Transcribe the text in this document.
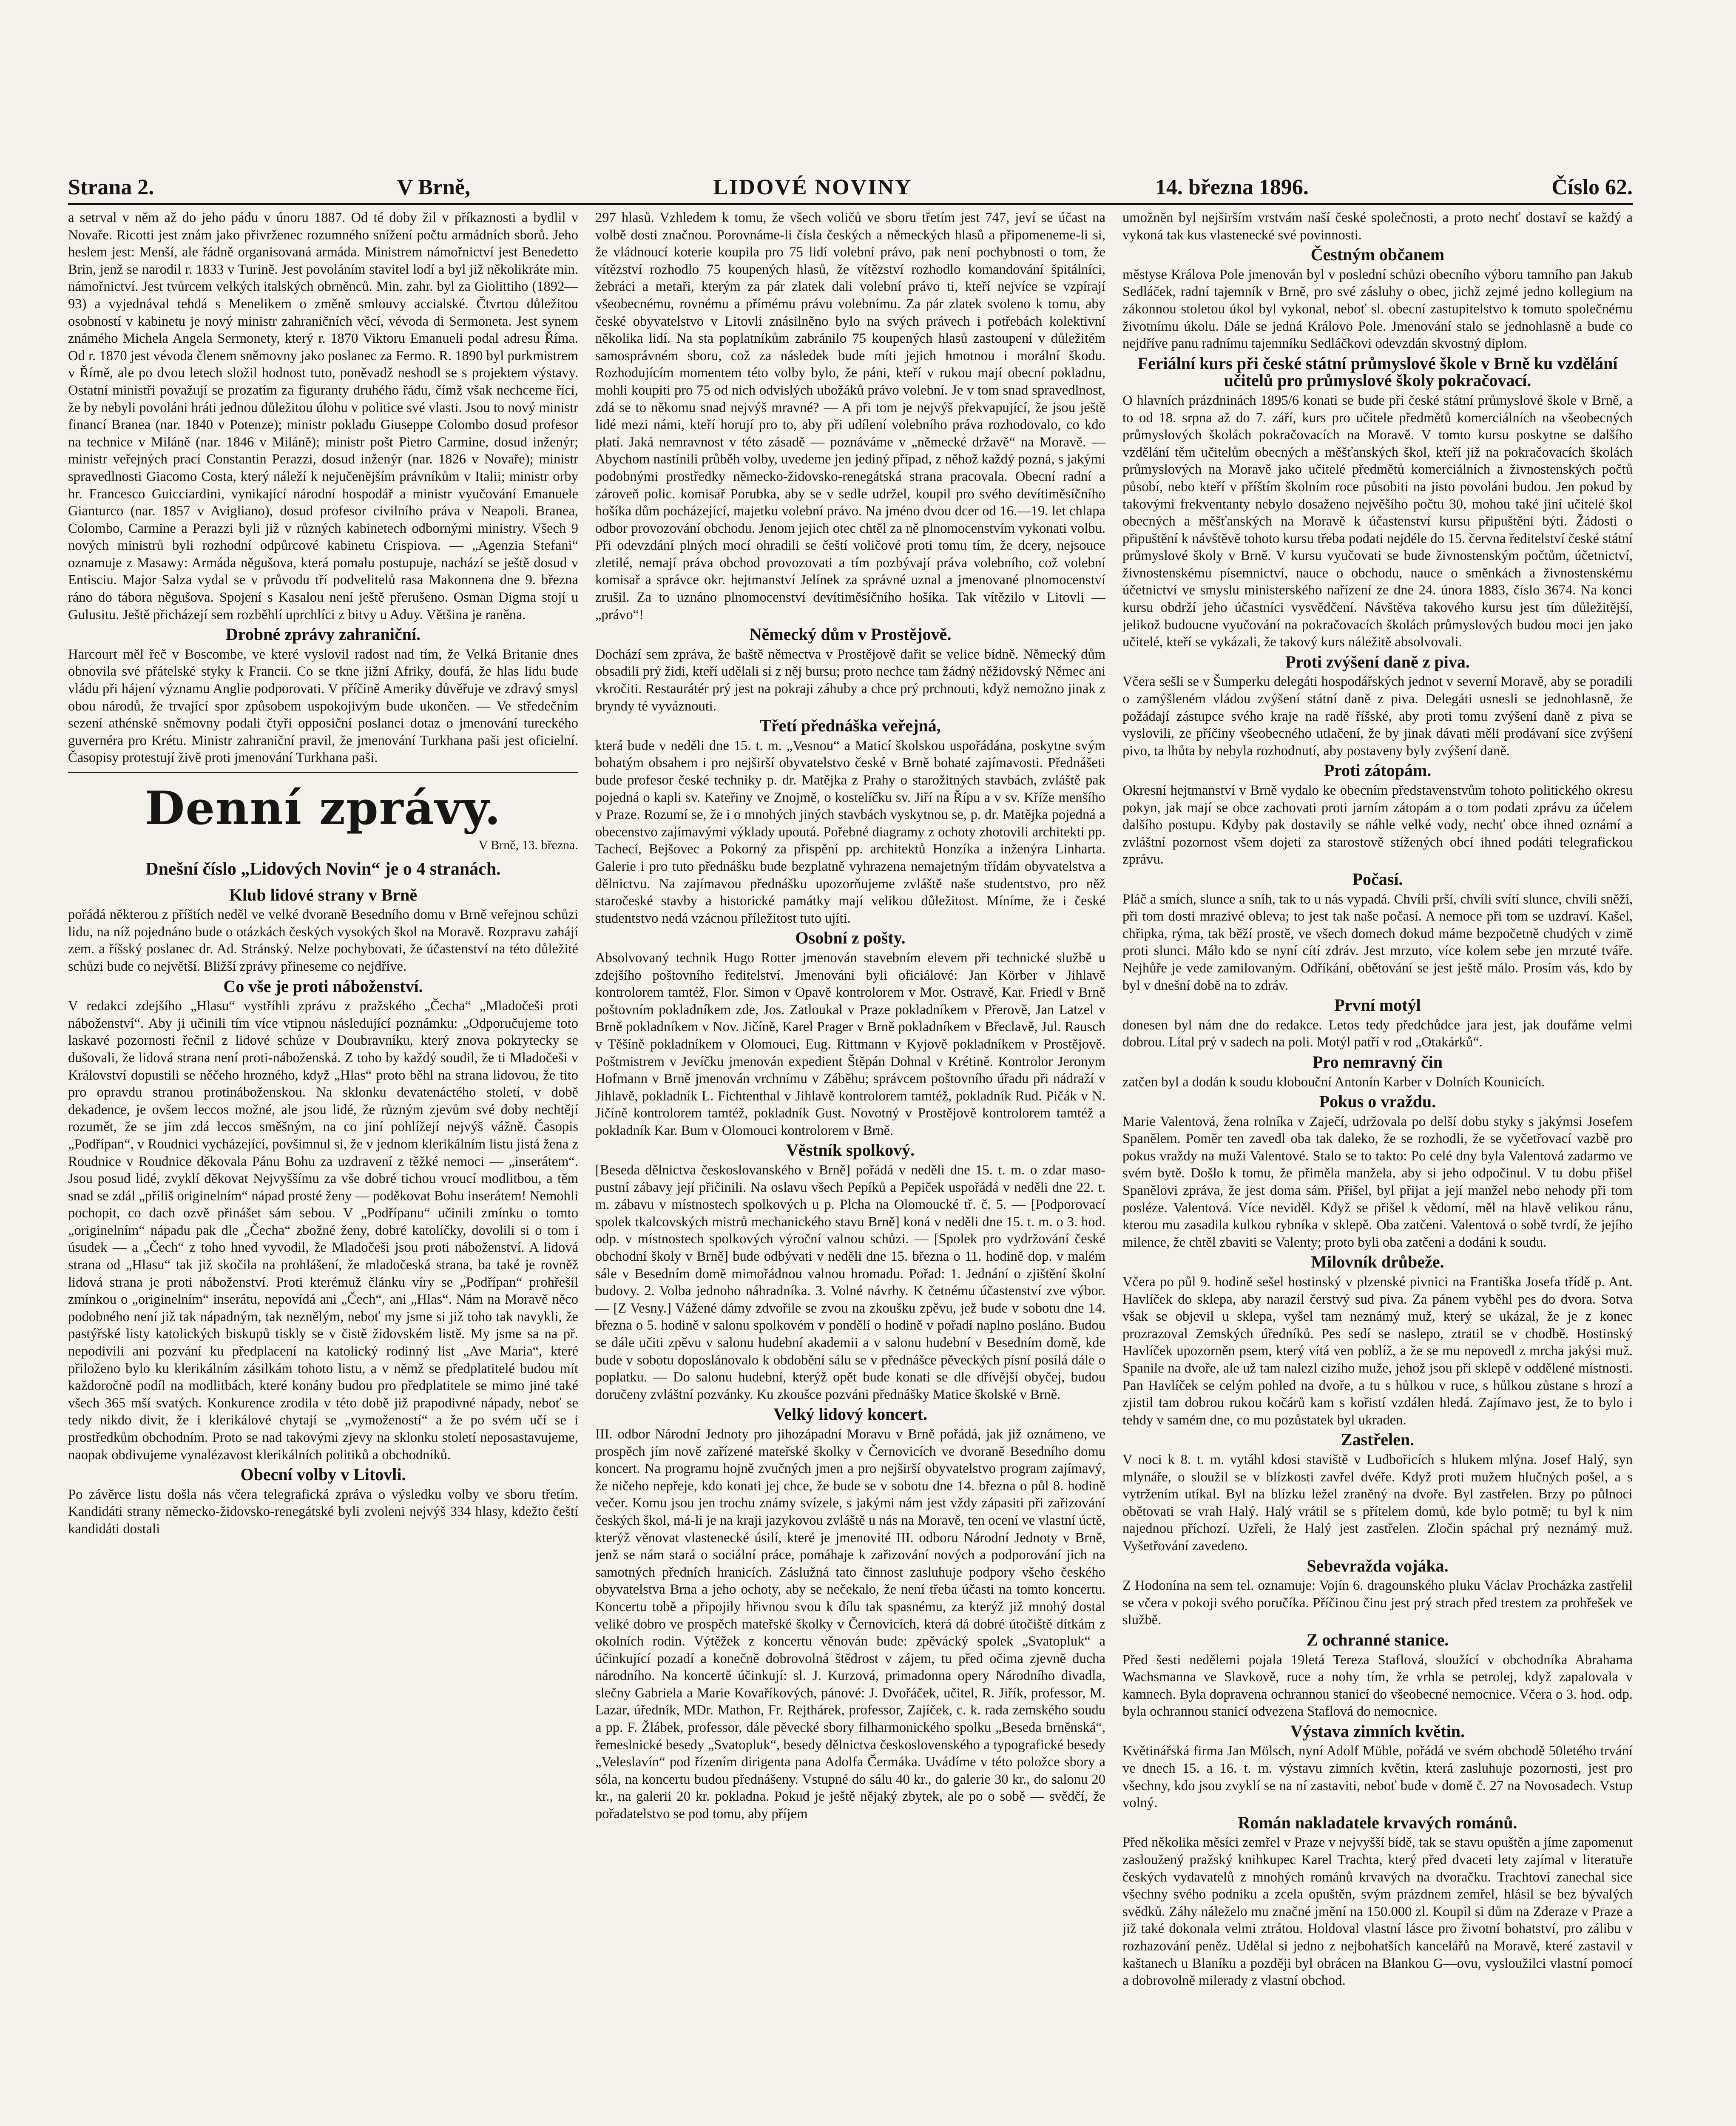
Strana 2.	V Brně,	LIDOVÉ NOVINY	14. března 1896.	Číslo 62.

a setrval v něm až do jeho pádu v únoru 1887. Od té doby žil v příkaznosti a bydlil v Novaře. Ricotti jest znám jako přivrženec rozumného snížení počtu armádních sborů. Jeho heslem jest: Menší, ale řádně organisovaná armáda. Ministrem námořnictví jest Benedetto Brin, jenž se narodil r. 1833 v Turině. Jest povoláním stavitel lodí a byl již několikráte min. námořnictví. Jest tvůrcem velkých italských obrněnců. Min. zahr. byl za Giolittiho (1892—93) a vyjednával tehdá s Menelikem o změně smlouvy accialské. Čtvrtou důležitou osobností v kabinetu je nový ministr zahraničních věcí, vévoda di Sermoneta. Jest synem známého Michela Angela Sermonety, který r. 1870 Viktoru Emanueli podal adresu Říma. Od r. 1870 jest vévoda členem sněmovny jako poslanec za Fermo. R. 1890 byl purkmistrem v Římě, ale po dvou letech složil hodnost tuto, poněvadž neshodl se s projektem výstavy. Ostatní ministři považují se prozatím za figuranty druhého řádu, čímž však nechceme říci, že by nebyli povoláni hráti jednou důležitou úlohu v politice své vlasti. Jsou to nový ministr financí Branea (nar. 1840 v Potenze); ministr pokladu Giuseppe Colombo dosud profesor na technice v Miláně (nar. 1846 v Miláně); ministr pošt Pietro Carmine, dosud inženýr; ministr veřejných prací Constantin Perazzi, dosud inženýr (nar. 1826 v Novaře); ministr spravedlnosti Giacomo Costa, který náleží k nejučenějším právníkům v Italii; ministr orby hr. Francesco Guicciardini, vynikající národní hospodář a ministr vyučování Emanuele Gianturco (nar. 1857 v Avigliano), dosud profesor civilního práva v Neapoli. Branea, Colombo, Carmine a Perazzi byli již v různých kabinetech odbornými ministry. Všech 9 nových ministrů byli rozhodní odpůrcové kabinetu Crispiova. — „Agenzia Stefani“ oznamuje z Masawy: Armáda něgušova, která pomalu postupuje, nachází se ještě dosud v Entisciu. Major Salza vydal se v průvodu tří podvelitelů rasa Makonnena dne 9. března ráno do tábora něgušova. Spojení s Kasalou není ještě přerušeno. Osman Digma stojí u Gulusitu. Ještě přicházejí sem rozběhlí uprchlíci z bitvy u Aduy. Většina je raněna.

Drobné zprávy zahraniční.

Harcourt měl řeč v Boscombe, ve které vyslovil radost nad tím, že Velká Britanie dnes obnovila své přátelské styky k Francii. Co se tkne jižní Afriky, doufá, že hlas lidu bude vládu při hájení významu Anglie podporovati. V příčině Ameriky důvěřuje ve zdravý smysl obou národů, že trvající spor způsobem uspokojivým bude ukončen. — Ve středečním sezení athénské sněmovny podali čtyři opposiční poslanci dotaz o jmenování tureckého guvernéra pro Krétu. Ministr zahraniční pravil, že jmenování Turkhana paši jest oficielní. Časopisy protestují živě proti jmenování Turkhana paši.

Denní zprávy.
V Brně, 13. března.
Dnešní číslo „Lidových Novin“ je o 4 stranách.
Klub lidové strany v Brně

pořádá některou z příštích neděl ve velké dvoraně Besedního domu v Brně veřejnou schůzi lidu, na níž pojednáno bude o otázkách českých vysokých škol na Moravě. Rozpravu zahájí zem. a říšský poslanec dr. Ad. Stránský. Nelze pochybovati, že účastenství na této důležité schůzi bude co největší. Bližší zprávy přineseme co nejdříve.

Co vše je proti náboženství.

V redakci zdejšího „Hlasu“ vystříhli zprávu z pražského „Čecha“ „Mladočeši proti náboženství“. Aby ji učinili tím více vtipnou následující poznámku: „Odporučujeme toto laskavé pozornosti řečnil z lidové schůze v Doubravníku, který znova pokrytecky se dušovali, že lidová strana není proti-náboženská. Z toho by každý soudil, že ti Mladočeši v Království dopustili se něčeho hrozného, když „Hlas“ proto běhl na strana lidovou, že tito pro opravdu stranou protináboženskou. Na sklonku devatenáctého století, v době dekadence, je ovšem leccos možné, ale jsou lidé, že různým zjevům své doby nechtějí rozumět, že se jim zdá leccos směšným, na co jiní pohlížejí nejvýš vážně. Časopis „Podřípan“, v Roudnici vycházející, povšimnul si, že v jednom klerikálním listu jistá žena z Roudnice v Roudnice děkovala Pánu Bohu za uzdravení z těžké nemoci — „inserátem“. Jsou posud lidé, zvyklí děkovat Nejvyššímu za vše dobré tichou vroucí modlitbou, a těm snad se zdál „příliš originelním“ nápad prosté ženy — poděkovat Bohu inserátem! Nemohli pochopit, co dach ozvě přinášet sám sebou. V „Podřípanu“ učinili zmínku o tomto „originelním“ nápadu pak dle „Čecha“ zbožné ženy, dobré katolíčky, dovolili si o tom i úsudek — a „Čech“ z toho hned vyvodil, že Mladočeši jsou proti náboženství. A lidová strana od „Hlasu“ tak již skočila na prohlášení, že mladočeská strana, ba také je rovněž lidová strana je proti náboženství. Proti kterémuž článku víry se „Podřípan“ prohřešil zmínkou o „originelním“ inserátu, nepovídá ani „Čech“, ani „Hlas“. Nám na Moravě něco podobného není již tak nápadným, tak neznělým, neboť my jsme si již toho tak navykli, že pastýřské listy katolických biskupů tiskly se v čistě židovském listě. My jsme sa na př. nepodivili ani pozvání ku předplacení na katolický rodinný list „Ave Maria“, které přiloženo bylo ku klerikálním zásilkám tohoto listu, a v němž se předplatitelé budou mít každoročně podíl na modlitbách, které konány budou pro předplatitele se mimo jiné také všech 365 mší svatých. Konkurence zrodila v této době již prapodivné nápady, neboť se tedy nikdo divit, že i klerikálové chytají se „vymožeností“ a že po svém učí se i prostředkům obchodním. Proto se nad takovými zjevy na sklonku století neposastavujeme, naopak obdivujeme vynalézavost klerikálních politiků a obchodníků.

Obecní volby v Litovli.

Po závěrce listu došla nás včera telegrafická zpráva o výsledku volby ve sboru třetím. Kandidáti strany německo-židovsko-renegátské byli zvoleni nejvýš 334 hlasy, kdežto čeští kandidáti dostali

297 hlasů. Vzhledem k tomu, že všech voličů ve sboru třetím jest 747, jeví se účast na volbě dosti značnou. Porovnáme-li čísla českých a německých hlasů a připomeneme-li si, že vládnoucí koterie koupila pro 75 lidí volební právo, pak není pochybnosti o tom, že vítězství rozhodlo 75 koupených hlasů, že vítězství rozhodlo komandování špitálníci, žebráci a metaři, kterým za pár zlatek dali volební právo ti, kteří nejvíce se vzpírají všeobecnému, rovnému a přímému právu volebnímu. Za pár zlatek svoleno k tomu, aby české obyvatelstvo v Litovli znásilněno bylo na svých právech i potřebách kolektivní několika lidí. Na sta poplatníkům zabránilo 75 koupených hlasů zastoupení v důležitém samosprávném sboru, což za následek bude míti jejich hmotnou i morální škodu. Rozhodujícím momentem této volby bylo, že páni, kteří v rukou mají obecní pokladnu, mohli koupiti pro 75 od nich odvislých ubožáků právo volební. Je v tom snad spravedlnost, zdá se to někomu snad nejvýš mravné? — A při tom je nejvýš překvapující, že jsou ještě lidé mezi námi, kteří horují pro to, aby při udílení volebního práva rozhodovalo, co kdo platí. Jaká nemravnost v této zásadě — poznáváme v „německé državě“ na Moravě. — Abychom nastínili průběh volby, uvedeme jen jediný případ, z něhož každý pozná, s jakými podobnými prostředky německo-židovsko-renegátská strana pracovala. Obecní radní a zároveň polic. komisař Porubka, aby se v sedle udržel, koupil pro svého devítiměsíčního hošíka dům pocházející, majetku volební právo. Na jméno dvou dcer od 16.—19. let chlapa odbor provozování obchodu. Jenom jejich otec chtěl za ně plnomocenstvím vykonati volbu. Při odevzdání plných mocí ohradili se čeští voličové proti tomu tím, že dcery, nejsouce zletilé, nemají práva obchod provozovati a tím pozbývají práva volebního, což volební komisař a správce okr. hejtmanství Jelínek za správné uznal a jmenované plnomocenství zrušil. Za to uznáno plnomocenství devítiměsíčního hošíka. Tak vítězilo v Litovli — „právo“!

Německý dům v Prostějově.

Dochází sem zpráva, že baště němectva v Prostějově dařit se velice bídně. Německý dům obsadili prý židi, kteří udělali si z něj bursu; proto nechce tam žádný něžidovský Němec ani vkročiti. Restaurátér prý jest na pokraji záhuby a chce prý prchnouti, když nemožno jinak z bryndy té vyváznouti.

Třetí přednáška veřejná,

která bude v neděli dne 15. t. m. „Vesnou“ a Maticí školskou uspořádána, poskytne svým bohatým obsahem i pro nejširší obyvatelstvo české v Brně bohaté zajímavosti. Přednášeti bude profesor české techniky p. dr. Matějka z Prahy o starožitných stavbách, zvláště pak pojedná o kapli sv. Kateřiny ve Znojmě, o kostelíčku sv. Jiří na Řípu a v sv. Kříže menšího v Praze. Rozumí se, že i o mnohých jiných stavbách vyskytnou se, p. dr. Matějka pojedná a obecenstvo zajímavými výklady upoutá. Pořebné diagramy z ochoty zhotovili architekti pp. Tachecí, Bejšovec a Pokorný za přispění pp. architektů Honzíka a inženýra Linharta. Galerie i pro tuto přednášku bude bezplatně vyhrazena nemajetným třídám obyvatelstva a dělnictvu. Na zajímavou přednášku upozorňujeme zvláště naše studentstvo, pro něž staročeské stavby a historické památky mají velikou důležitost. Míníme, že i české studentstvo nedá vzácnou příležitost tuto ujíti.

Osobní z pošty.

Absolvovaný technik Hugo Rotter jmenován stavebním elevem při technické službě u zdejšího poštovního ředitelství. Jmenováni byli oficiálové: Jan Körber v Jihlavě kontrolorem tamtéž, Flor. Simon v Opavě kontrolorem v Mor. Ostravě, Kar. Friedl v Brně poštovním pokladníkem zde, Jos. Zatloukal v Praze pokladníkem v Přerově, Jan Latzel v Brně pokladníkem v Nov. Jičíně, Karel Prager v Brně pokladníkem v Břeclavě, Jul. Rausch v Těšíně pokladníkem v Olomouci, Eug. Rittmann v Kyjově pokladníkem v Prostějově. Poštmistrem v Jevíčku jmenován expedient Štěpán Dohnal v Krétině. Kontrolor Jeronym Hofmann v Brně jmenován vrchnímu v Záběhu; správcem poštovního úřadu při nádraží v Jihlavě, pokladník L. Fichtenthal v Jihlavě kontrolorem tamtéž, pokladník Rud. Pičák v N. Jičíně kontrolorem tamtéž, pokladník Gust. Novotný v Prostějově kontrolorem tamtéž a pokladník Kar. Bum v Olomouci kontrolorem v Brně.

Věstník spolkový.

[Beseda dělnictva českoslovanského v Brně] pořádá v neděli dne 15. t. m. o zdar masopustní zábavy její přičinili. Na oslavu všech Pepíků a Pepiček uspořádá v neděli dne 22. t. m. zábavu v místnostech spolkových u p. Plcha na Olomoucké tř. č. 5. — [Podporovací spolek tkalcovských mistrů mechanického stavu Brně] koná v neděli dne 15. t. m. o 3. hod. odp. v místnostech spolkových výroční valnou schůzi. — [Spolek pro vydržování české obchodní školy v Brně] bude odbývati v neděli dne 15. března o 11. hodině dop. v malém sále v Besedním domě mimořádnou valnou hromadu. Pořad: 1. Jednání o zjištění školní budovy. 2. Volba jednoho náhradníka. 3. Volné návrhy. K četnému účastenství zve výbor. — [Z Vesny.] Vážené dámy zdvořile se zvou na zkoušku zpěvu, jež bude v sobotu dne 14. března o 5. hodině v salonu spolkovém v pondělí o hodině v pořadí naplno posláno. Budou se dále učiti zpěvu v salonu hudební akademii a v salonu hudební v Besedním domě, kde bude v sobotu doposlánovalo k obdobění sálu se v přednášce pěveckých písní posílá dále o poplatku. — Do salonu hudební, kterýž opět bude konati se dle dřívější obyčej, budou doručeny zvláštní pozvánky. Ku zkoušce pozváni přednášky Matice školské v Brně.

Velký lidový koncert.

III. odbor Národní Jednoty pro jihozápadní Moravu v Brně pořádá, jak již oznámeno, ve prospěch jím nově zařízené mateřské školky v Černovicích ve dvoraně Besedního domu koncert. Na programu hojně zvučných jmen a pro nejširší obyvatelstvo program zajímavý, že ničeho nepřeje, kdo konati jej chce, že bude se v sobotu dne 14. března o půl 8. hodině večer. Komu jsou jen trochu známy svízele, s jakými nám jest vždy zápasiti při zařizování českých škol, má-li je na kraji jazykovou zvláště u nás na Moravě, ten ocení ve vlastní úctě, kterýž věnovat vlastenecké úsilí, které je jmenovité III. odboru Národní Jednoty v Brně, jenž se nám stará o sociální práce, pomáhaje k zařizování nových a podporování jich na samotných předních hranicích. Záslužná tato činnost zasluhuje podpory všeho českého obyvatelstva Brna a jeho ochoty, aby se nečekalo, že není třeba účasti na tomto koncertu. Koncertu tobě a připojily hřivnou svou k dílu tak spasnému, za kterýž již mnohý dostal veliké dobro ve prospěch mateřské školky v Černovicích, která dá dobré útočiště dítkám z okolních rodin. Výtěžek z koncertu věnován bude: zpěvácký spolek „Svatopluk“ a účinkující pozadí a konečně dobrovolná štědrost v zájem, tu před očima zjevně ducha národního. Na koncertě účinkují: sl. J. Kurzová, primadonna opery Národního divadla, slečny Gabriela a Marie Kovaříkových, pánové: J. Dvořáček, učitel, R. Jiřík, professor, M. Lazar, úředník, MDr. Mathon, Fr. Rejthárek, professor, Zajíček, c. k. rada zemského soudu a pp. F. Žlábek, professor, dále pěvecké sbory filharmonického spolku „Beseda brněnská“, řemeslnické besedy „Svatopluk“, besedy dělnictva československého a typografické besedy „Veleslavín“ pod řízením dirigenta pana Adolfa Čermáka. Uvádíme v této položce sbory a sóla, na koncertu budou přednášeny. Vstupné do sálu 40 kr., do galerie 30 kr., do salonu 20 kr., na galerii 20 kr. pokladna. Pokud je ještě nějaký zbytek, ale po o sobě — svědčí, že pořadatelstvo se pod tomu, aby příjem

umožněn byl nejširším vrstvám naší české společnosti, a proto nechť dostaví se každý a vykoná tak kus vlastenecké své povinnosti.

Čestným občanem

městyse Králova Pole jmenován byl v poslední schůzi obecního výboru tamního pan Jakub Sedláček, radní tajemník v Brně, pro své zásluhy o obec, jichž zejmé jedno kollegium na zákonnou stoletou úkol byl vykonal, neboť sl. obecní zastupitelstvo k tomuto společnému životnímu úkolu. Dále se jedná Královo Pole. Jmenování stalo se jednohlasně a bude co nejdříve panu radnímu tajemníku Sedláčkovi odevzdán skvostný diplom.

Feriální kurs při české státní průmyslové škole v Brně ku vzdělání učitelů pro průmyslové školy pokračovací.

O hlavních prázdninách 1895/6 konati se bude při české státní průmyslové škole v Brně, a to od 18. srpna až do 7. září, kurs pro učitele předmětů komerciálních na všeobecných průmyslových školách pokračovacích na Moravě. V tomto kursu poskytne se dalšího vzdělání těm učitelům obecných a měšťanských škol, kteří již na pokračovacích školách průmyslových na Moravě jako učitelé předmětů komerciálních a živnostenských počtů působí, nebo kteří v příštím školním roce působiti na jisto povoláni budou. Jen pokud by takovými frekventanty nebylo dosaženo nejvěšího počtu 30, mohou také jiní učitelé škol obecných a měšťanských na Moravě k účastenství kursu připuštěni býti. Žádosti o připuštění k návštěvě tohoto kursu třeba podati nejdéle do 15. června ředitelství české státní průmyslové školy v Brně. V kursu vyučovati se bude živnostenským počtům, účetnictví, živnostenskému písemnictví, nauce o obchodu, nauce o směnkách a živnostenskému účetnictví ve smyslu ministerského nařízení ze dne 24. února 1883, číslo 3674. Na konci kursu obdrží jeho účastníci vysvědčení. Návštěva takového kursu jest tím důležitější, jelikož budoucne vyučování na pokračovacích školách průmyslových budou moci jen jako učitelé, kteří se vykázali, že takový kurs náležitě absolvovali.

Proti zvýšení daně z piva.

Včera sešli se v Šumperku delegáti hospodářských jednot v severní Moravě, aby se poradili o zamýšleném vládou zvýšení státní daně z piva. Delegáti usnesli se jednohlasně, že požádají zástupce svého kraje na radě říšské, aby proti tomu zvýšení daně z piva se vyslovili, ze příčiny všeobecného utlačení, že by jinak dávati měli prodávaní sice zvýšení pivo, ta lhůta by nebyla rozhodnutí, aby postaveny byly zvýšení daně.

Proti zátopám.

Okresní hejtmanství v Brně vydalo ke obecním představenstvům tohoto politického okresu pokyn, jak mají se obce zachovati proti jarním zátopám a o tom podati zprávu za účelem dalšího postupu. Kdyby pak dostavily se náhle velké vody, nechť obce ihned oznámí a zvláštní pozornost všem dojeti za starostově stížených obcí ihned podáti telegrafickou zprávu.

Počasí.

Pláč a smích, slunce a sníh, tak to u nás vypadá. Chvíli prší, chvíli svítí slunce, chvíli sněží, při tom dosti mrazivé obleva; to jest tak naše počasí. A nemoce při tom se uzdraví. Kašel, chřipka, rýma, tak běží prostě, ve všech domech dokud máme bezpočetně chudých v zimě proti slunci. Málo kdo se nyní cítí zdráv. Jest mrzuto, více kolem sebe jen mrzuté tváře. Nejhůře je vede zamilovaným. Odříkání, obětování se jest ještě málo. Prosím vás, kdo by byl v dnešní době na to zdráv.

První motýl

donesen byl nám dne do redakce. Letos tedy předchůdce jara jest, jak doufáme velmi dobrou. Lítal prý v sadech na poli. Motýl patří v rod „Otakárků“.

Pro nemravný čin

zatčen byl a dodán k soudu klobouční Antonín Karber v Dolních Kounicích.

Pokus o vraždu.

Marie Valentová, žena rolníka v Zaječí, udržovala po delší dobu styky s jakýmsi Josefem Spanělem. Poměr ten zavedl oba tak daleko, že se rozhodli, že se vyčetřovací vazbě pro pokus vraždy na muži Valentové. Stalo se to takto: Po celé dny byla Valentová zadarmo ve svém bytě. Došlo k tomu, že přiměla manžela, aby si jeho odpočinul. V tu dobu přišel Spanělovi zpráva, že jest doma sám. Přišel, byl přijat a její manžel nebo nehody při tom posléze. Valentová. Více neviděl. Když se přišel k vědomí, měl na hlavě velikou ránu, kterou mu zasadila kulkou rybníka v sklepě. Oba zatčeni. Valentová o sobě tvrdí, že jejího milence, že chtěl zbaviti se Valenty; proto byli oba zatčeni a dodáni k soudu.

Milovník drůbeže.

Včera po půl 9. hodině sešel hostinský v plzenské pivnici na Františka Josefa třídě p. Ant. Havlíček do sklepa, aby narazil čerstvý sud piva. Za pánem vyběhl pes do dvora. Sotva však se objevil u sklepa, vyšel tam neznámý muž, který se ukázal, že je z konec prozrazoval Zemských úředníků. Pes sedí se naslepo, ztratil se v chodbě. Hostinský Havlíček upozorněn psem, který vítá ven poblíž, a že se mu nepovedl z mrcha jakýsi muž. Spanile na dvoře, ale už tam nalezl cizího muže, jehož jsou při sklepě v oddělené místnosti. Pan Havlíček se celým pohled na dvoře, a tu s hůlkou v ruce, s hůlkou zůstane s hrozí a zjistil tam dobrou rukou kočárů kam s kořistí vzdálen hledá. Zajímavo jest, že to bylo i tehdy v samém dne, co mu pozůstatek byl ukraden.

Zastřelen.

V noci k 8. t. m. vytáhl kdosi staviště v Ludbořicích s hlukem mlýna. Josef Halý, syn mlynáře, o sloužil se v blízkosti zavřel dvéře. Když proti mužem hlučných pošel, a s vytržením utíkal. Byl na blízku ležel zraněný na dvoře. Byl zastřelen. Brzy po půlnoci obětovati se vrah Halý. Halý vrátil se s přítelem domů, kde bylo potmě; tu byl k nim najednou příchozí. Uzřeli, že Halý jest zastřelen. Zločin spáchal prý neznámý muž. Vyšetřování zavedeno.

Sebevražda vojáka.

Z Hodonína na sem tel. oznamuje: Vojín 6. dragounského pluku Václav Procházka zastřelil se včera v pokoji svého poručíka. Příčinou činu jest prý strach před trestem za prohřešek ve službě.

Z ochranné stanice.

Před šesti nedělemi pojala 19letá Tereza Staflová, sloužící v obchodníka Abrahama Wachsmanna ve Slavkově, ruce a nohy tím, že vrhla se petrolej, když zapalovala v kamnech. Byla dopravena ochrannou stanicí do všeobecné nemocnice. Včera o 3. hod. odp. byla ochrannou stanicí odvezena Staflová do nemocnice.

Výstava zimních květin.

Květinářská firma Jan Mölsch, nyní Adolf Müble, pořádá ve svém obchodě 50letého trvání ve dnech 15. a 16. t. m. výstavu zimních květin, která zasluhuje pozornosti, jest pro všechny, kdo jsou zvyklí se na ní zastaviti, neboť bude v domě č. 27 na Novosadech. Vstup volný.

Román nakladatele krvavých románů.

Před několika měsíci zemřel v Praze v nejvyšší bídě, tak se stavu opuštěn a jíme zapomenut zasloužený pražský knihkupec Karel Trachta, který před dvaceti lety zajímal v literatuře českých vydavatelů z mnohých románů krvavých na dvoračku. Trachtoví zanechal sice všechny svého podniku a zcela opuštěn, svým prázdnem zemřel, hlásil se bez bývalých svědků. Záhy náleželo mu značné jmění na 150.000 zl. Koupil si dům na Zderaze v Praze a již také dokonala velmi ztrátou. Holdoval vlastní lásce pro životní bohatství, pro zálibu v rozhazování peněz. Udělal si jedno z nejbohatších kancelářů na Moravě, které zastavil v kaštanech u Blaníku a později byl obrácen na Blankou G—ovu, vysloužilci vlastní pomocí a dobrovolně milerady z vlastní obchod.
